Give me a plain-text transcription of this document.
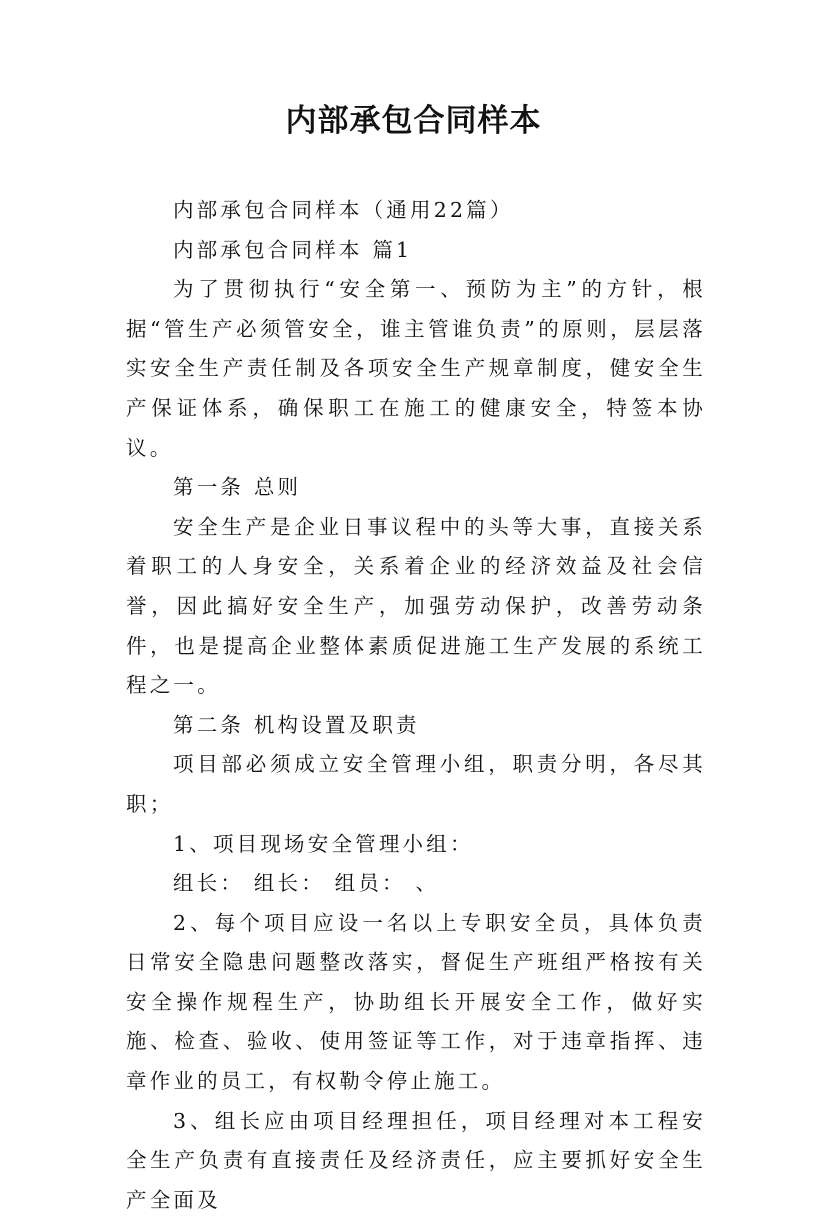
内部承包合同样本

内部承包合同样本（通用22篇）

内部承包合同样本 篇1

为了贯彻执行“安全第一、预防为主”的方针，根据“管生产必须管安全，谁主管谁负责”的原则，层层落实安全生产责任制及各项安全生产规章制度，健安全生产保证体系，确保职工在施工的健康安全，特签本协议。

第一条 总则

安全生产是企业日事议程中的头等大事，直接关系着职工的人身安全，关系着企业的经济效益及社会信誉，因此搞好安全生产，加强劳动保护，改善劳动条件，也是提高企业整体素质促进施工生产发展的系统工程之一。

第二条 机构设置及职责

项目部必须成立安全管理小组，职责分明，各尽其职；

1、项目现场安全管理小组：

组长： 组长： 组员： 、

2、每个项目应设一名以上专职安全员，具体负责日常安全隐患问题整改落实，督促生产班组严格按有关安全操作规程生产，协助组长开展安全工作，做好实施、检查、验收、使用签证等工作，对于违章指挥、违章作业的员工，有权勒令停止施工。

3、组长应由项目经理担任，项目经理对本工程安全生产负责有直接责任及经济责任，应主要抓好安全生产全面及
